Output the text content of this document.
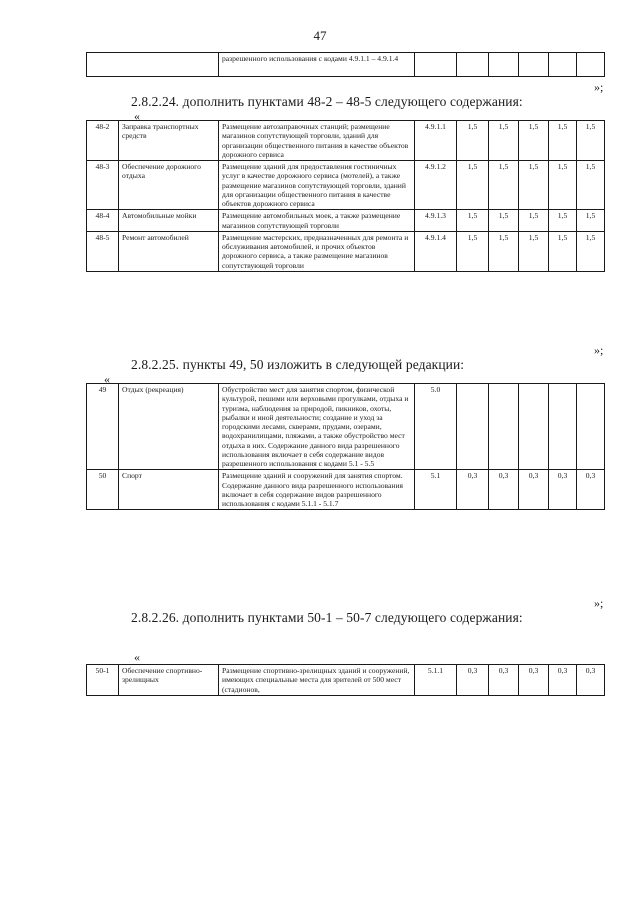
47
	разрешенного использования с кодами 4.9.1.1 – 4.9.1.4						
»;
2.8.2.24. дополнить пунктами 48-2 – 48-5 следующего содержания:
«
48-2	Заправка транспортных средств	Размещение автозаправочных станций; размещение магазинов сопутствующей торговли, зданий для организации общественного питания в качестве объектов дорожного сервиса	4.9.1.1	1,5	1,5	1,5	1,5	1,5
48-3	Обеспечение дорожного отдыха	Размещение зданий для предоставления гостиничных услуг в качестве дорожного сервиса (мотелей), а также размещение магазинов сопутствующей торговли, зданий для организации общественного питания в качестве объектов дорожного сервиса	4.9.1.2	1,5	1,5	1,5	1,5	1,5
48-4	Автомобильные мойки	Размещение автомобильных моек, а также размещение магазинов сопутствующей торговли	4.9.1.3	1,5	1,5	1,5	1,5	1,5
48-5	Ремонт автомобилей	Размещение мастерских, предназначенных для ремонта и обслуживания автомобилей, и прочих объектов дорожного сервиса, а также размещение магазинов сопутствующей торговли	4.9.1.4	1,5	1,5	1,5	1,5	1,5
»;
2.8.2.25. пункты 49, 50 изложить в следующей редакции:
«
49	Отдых (рекреация)	Обустройство мест для занятия спортом, физической культурой, пешими или верховыми прогулками, отдыха и туризма, наблюдения за природой, пикников, охоты, рыбалки и иной деятельности; создание и уход за городскими лесами, скверами, прудами, озерами, водохранилищами, пляжами, а также обустройство мест отдыха в них. Содержание данного вида разрешенного использования включает в себя содержание видов разрешенного использования с кодами 5.1 - 5.5	5.0					
50	Спорт	Размещение зданий и сооружений для занятия спортом. Содержание данного вида разрешенного использования включает в себя содержание видов разрешенного использования с кодами 5.1.1 - 5.1.7	5.1	0,3	0,3	0,3	0,3	0,3
»;
2.8.2.26. дополнить пунктами 50-1 – 50-7 следующего содержания:
«
50-1	Обеспечение спортивно-зрелищных	Размещение спортивно-зрелищных зданий и сооружений, имеющих специальные места для зрителей от 500 мест (стадионов,	5.1.1	0,3	0,3	0,3	0,3	0,3
